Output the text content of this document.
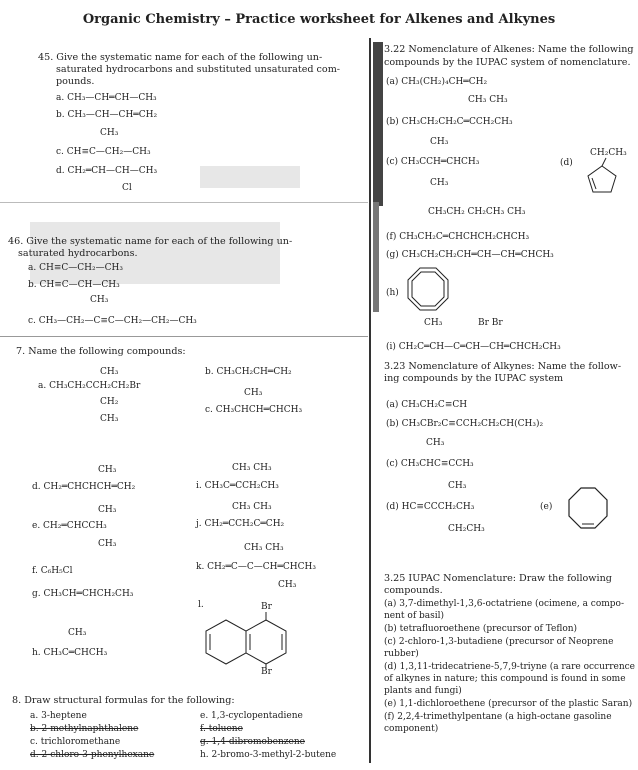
Organic Chemistry – Practice worksheet for Alkenes and Alkynes
45. Give the systematic name for each of the following un-
saturated hydrocarbons and substituted unsaturated com-
pounds.
a. CH₃—CH═CH—CH₃
b. CH₃—CH—CH═CH₂
CH₃
c. CH≡C—CH₂—CH₃
d. CH₂═CH—CH—CH₃
Cl
46. Give the systematic name for each of the following un-
saturated hydrocarbons.
a. CH≡C—CH₂—CH₃
b. CH≡C—CH—CH₃
CH₃
c. CH₃—CH₂—C≡C—CH₂—CH₂—CH₃
7. Name the following compounds:
CH₃
a. CH₃CH₂CCH₂CH₂Br
CH₂
CH₃
b. CH₃CH₂CH═CH₂
CH₃
c. CH₃CHCH═CHCH₃
CH₃
d. CH₂═CHCHCH═CH₂
CH₃
e. CH₂═CHCCH₃
CH₃
f. C₆H₅Cl
g. CH₃CH═CHCH₂CH₃
CH₃
h. CH₃C═CHCH₃
CH₃ CH₃
i. CH₃C═CCH₂CH₃
CH₃ CH₃
j. CH₂═CCH₂C═CH₂
CH₃ CH₃
k. CH₂═C—C—CH═CHCH₃
CH₃
l.	Br
Br
8. Draw structural formulas for the following:
a. 3-heptene
b. 2-methylnaphthalene
c. trichloromethane
d. 2-chloro-3-phenylhexane
e. 1,3-cyclopentadiene
f. toluene
g. 1,4-dibromobenzene
h. 2-bromo-3-methyl-2-butene
3.22 Nomenclature of Alkenes: Name the following
compounds by the IUPAC system of nomenclature.
(a) CH₃(CH₂)₄CH═CH₂
CH₃ CH₃
(b) CH₃CH₂CH₂C═CCH₂CH₃
CH₃
(c) CH₃CCH═CHCH₃
CH₃
(d)
CH₂CH₃
CH₃CH₂ CH₂CH₃ CH₃
(f) CH₃CH₂C═CHCHCH₂CHCH₃
(g) CH₃CH₂CH₂CH═CH—CH═CHCH₃
(h)
CH₃	Br Br
(i) CH₂C═CH—C═CH—CH═CHCH₂CH₃
3.23 Nomenclature of Alkynes: Name the follow-
ing compounds by the IUPAC system
(a) CH₃CH₂C≡CH
(b) CH₃CBr₂C≡CCH₂CH₂CH(CH₃)₂
CH₃
(c) CH₃CHC≡CCH₃
CH₃
(d) HC≡CCCH₂CH₃
CH₂CH₃
(e)
3.25 IUPAC Nomenclature: Draw the following
compounds.
(a) 3,7-dimethyl-1,3,6-octatriene (ocimene, a compo-
nent of basil)
(b) tetrafluoroethene (precursor of Teflon)
(c) 2-chloro-1,3-butadiene (precursor of Neoprene
rubber)
(d) 1,3,11-tridecatriene-5,7,9-triyne (a rare occurrence
of alkynes in nature; this compound is found in some
plants and fungi)
(e) 1,1-dichloroethene (precursor of the plastic Saran)
(f) 2,2,4-trimethylpentane (a high-octane gasoline
component)
